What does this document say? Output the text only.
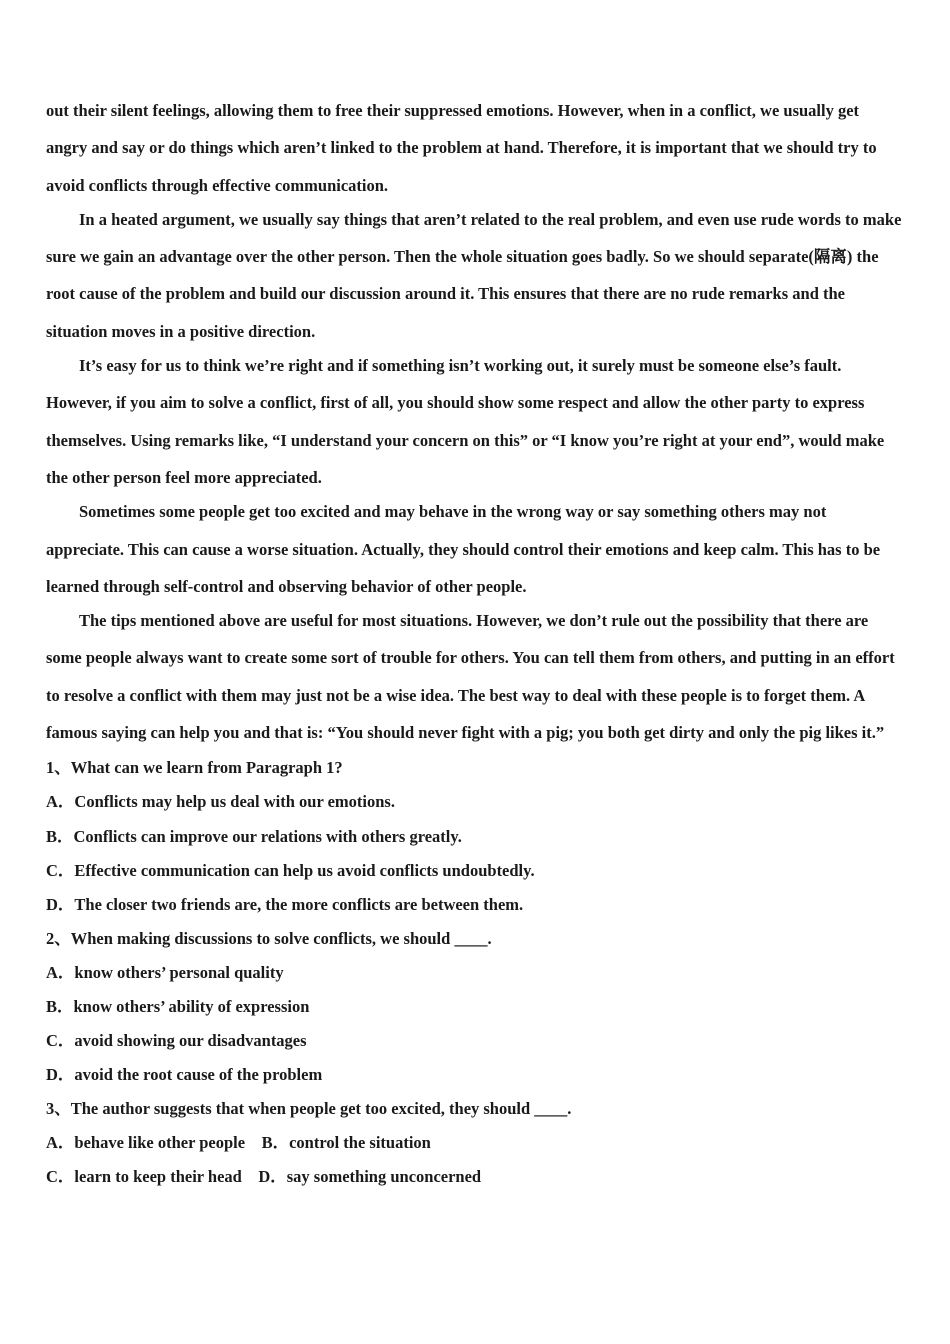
out their silent feelings, allowing them to free their suppressed emotions. However, when in a conflict, we usually get angry and say or do things which aren’t linked to the problem at hand. Therefore, it is important that we should try to avoid conflicts through effective communication.

In a heated argument, we usually say things that aren’t related to the real problem, and even use rude words to make sure we gain an advantage over the other person. Then the whole situation goes badly. So we should separate(隔离) the root cause of the problem and build our discussion around it. This ensures that there are no rude remarks and the situation moves in a positive direction.

It’s easy for us to think we’re right and if something isn’t working out, it surely must be someone else’s fault. However, if you aim to solve a conflict, first of all, you should show some respect and allow the other party to express themselves. Using remarks like, “I understand your concern on this” or “I know you’re right at your end”, would make the other person feel more appreciated.

Sometimes some people get too excited and may behave in the wrong way or say something others may not appreciate. This can cause a worse situation. Actually, they should control their emotions and keep calm. This has to be learned through self-control and observing behavior of other people.

The tips mentioned above are useful for most situations. However, we don’t rule out the possibility that there are some people always want to create some sort of trouble for others. You can tell them from others, and putting in an effort to resolve a conflict with them may just not be a wise idea. The best way to deal with these people is to forget them. A famous saying can help you and that is: “You should never fight with a pig; you both get dirty and only the pig likes it.”

1、What can we learn from Paragraph 1?

A．Conflicts may help us deal with our emotions.

B．Conflicts can improve our relations with others greatly.

C．Effective communication can help us avoid conflicts undoubtedly.

D．The closer two friends are, the more conflicts are between them.

2、When making discussions to solve conflicts, we should ____.

A．know others’ personal quality

B．know others’ ability of expression

C．avoid showing our disadvantages

D．avoid the root cause of the problem

3、The author suggests that when people get too excited, they should ____.

A．behave like other people    B．control the situation

C．learn to keep their head    D．say something unconcerned
